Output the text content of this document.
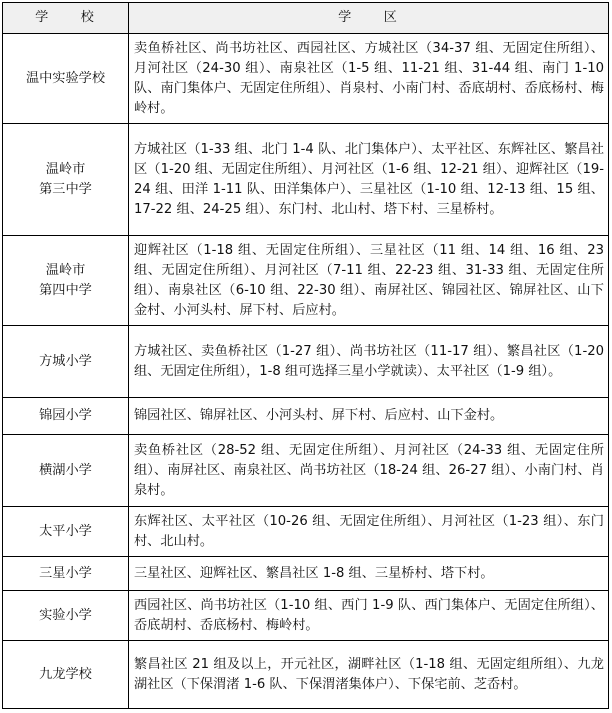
学　　校	学　　区
温中实验学校	卖鱼桥社区、尚书坊社区、西园社区、方城社区（34-37 组、无固定住所组）、月河社区（24-30 组）、南泉社区（1-5 组、11-21 组、31-44 组、南门 1-10 队、南门集体户、无固定住所组）、肖泉村、小南门村、岙底胡村、岙底杨村、梅岭村。
温岭市
第三中学	方城社区（1-33 组、北门 1-4 队、北门集体户）、太平社区、东辉社区、繁昌社区（1-20 组、无固定住所组）、月河社区（1-6 组、12-21 组）、迎辉社区（19-24 组、田洋 1-11 队、田洋集体户）、三星社区（1-10 组、12-13 组、15 组、17-22 组、24-25 组）、东门村、北山村、塔下村、三星桥村。
温岭市
第四中学	迎辉社区（1-18 组、无固定住所组）、三星社区（11 组、14 组、16 组、23 组、无固定住所组）、月河社区（7-11 组、22-23 组、31-33 组、无固定住所组）、南泉社区（6-10 组、22-30 组）、南屏社区、锦园社区、锦屏社区、山下金村、小河头村、屏下村、后应村。
方城小学	方城社区、卖鱼桥社区（1-27 组）、尚书坊社区（11-17 组）、繁昌社区（1-20 组、无固定住所组），1-8 组可选择三星小学就读）、太平社区（1-9 组）。
锦园小学	锦园社区、锦屏社区、小河头村、屏下村、后应村、山下金村。
横湖小学	卖鱼桥社区（28-52 组、无固定住所组）、月河社区（24-33 组、无固定住所组）、南屏社区、南泉社区、尚书坊社区（18-24 组、26-27 组）、小南门村、肖泉村。
太平小学	东辉社区、太平社区（10-26 组、无固定住所组）、月河社区（1-23 组）、东门村、北山村。
三星小学	三星社区、迎辉社区、繁昌社区 1-8 组、三星桥村、塔下村。
实验小学	西园社区、尚书坊社区（1-10 组、西门 1-9 队、西门集体户、无固定住所组）、岙底胡村、岙底杨村、梅岭村。
九龙学校	繁昌社区 21 组及以上，开元社区，湖畔社区（1-18 组、无固定组所组）、九龙湖社区（下保渭渚 1-6 队、下保渭渚集体户）、下保宅前、芝岙村。
